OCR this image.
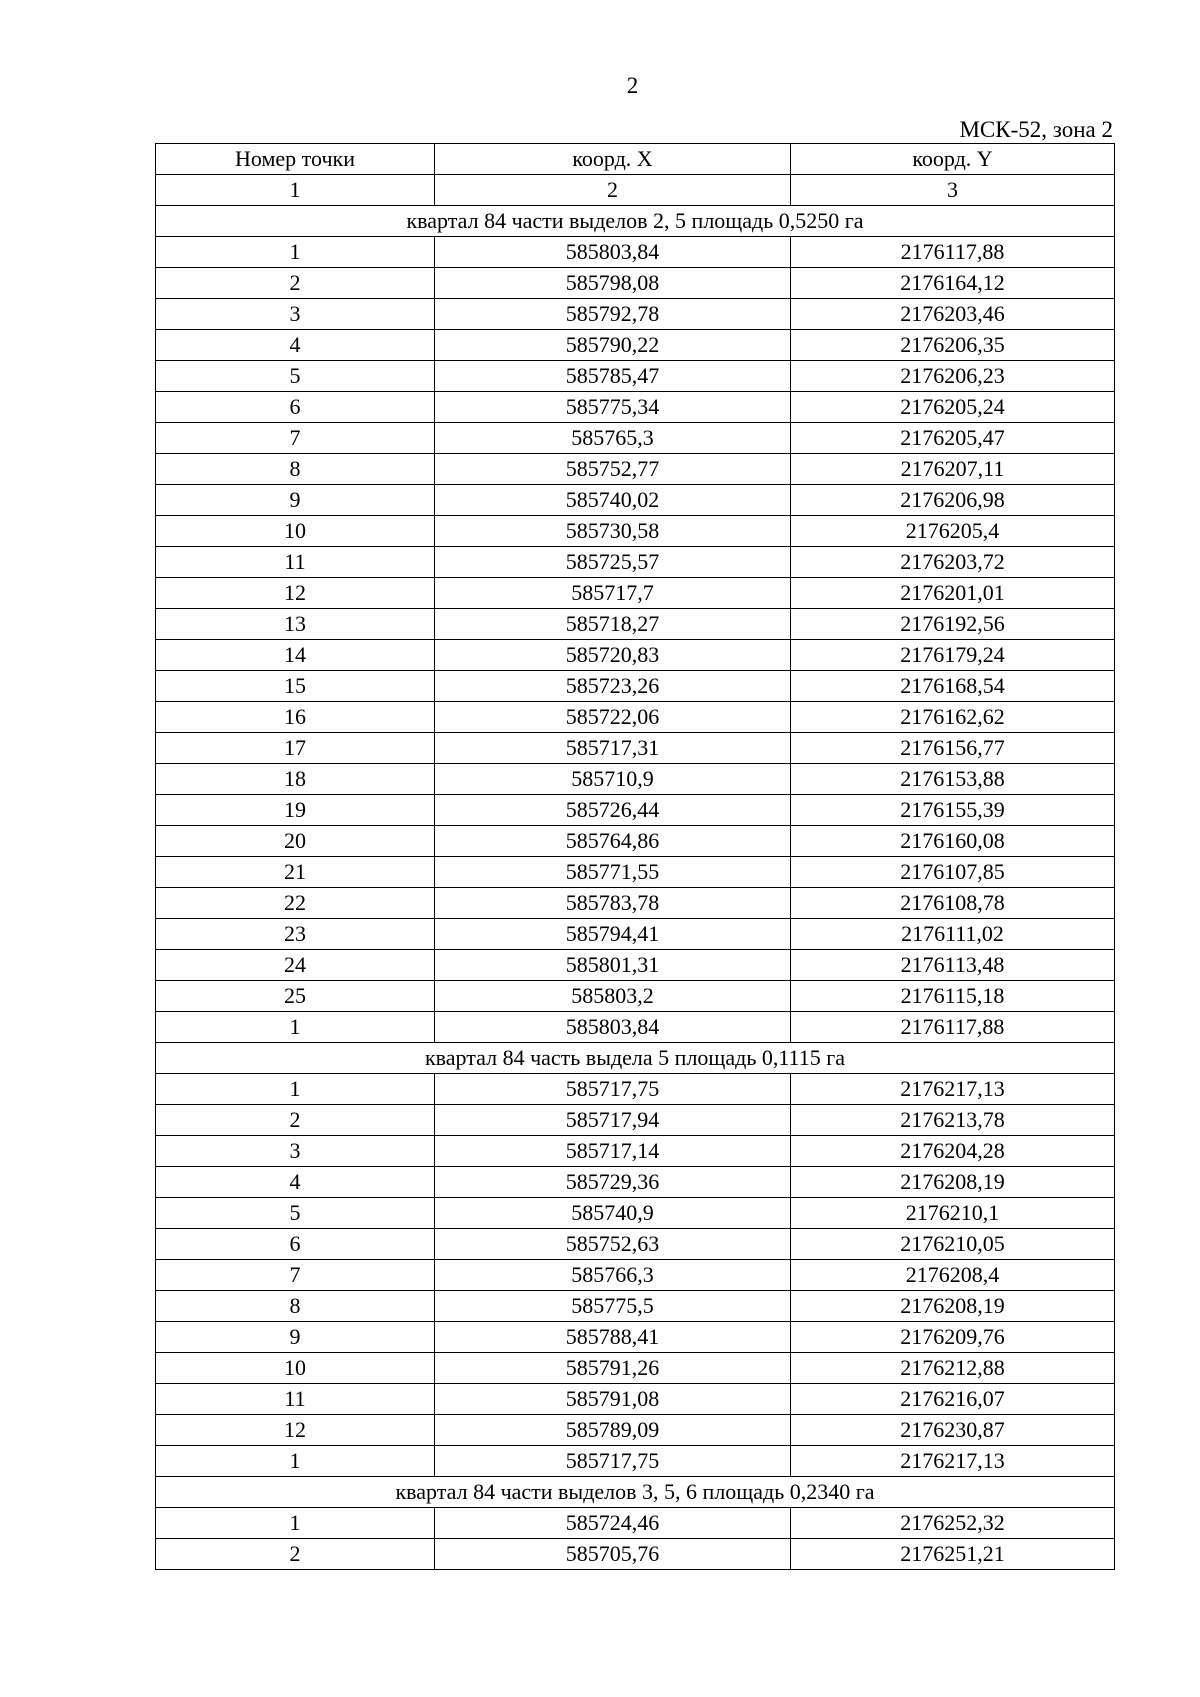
2
МСК-52, зона 2
Номер точки	коорд. X	коорд. Y
1	2	3
квартал 84 части выделов 2, 5 площадь 0,5250 га		
1	585803,84	2176117,88
2	585798,08	2176164,12
3	585792,78	2176203,46
4	585790,22	2176206,35
5	585785,47	2176206,23
6	585775,34	2176205,24
7	585765,3	2176205,47
8	585752,77	2176207,11
9	585740,02	2176206,98
10	585730,58	2176205,4
11	585725,57	2176203,72
12	585717,7	2176201,01
13	585718,27	2176192,56
14	585720,83	2176179,24
15	585723,26	2176168,54
16	585722,06	2176162,62
17	585717,31	2176156,77
18	585710,9	2176153,88
19	585726,44	2176155,39
20	585764,86	2176160,08
21	585771,55	2176107,85
22	585783,78	2176108,78
23	585794,41	2176111,02
24	585801,31	2176113,48
25	585803,2	2176115,18
1	585803,84	2176117,88
квартал 84 часть выдела 5 площадь 0,1115 га		
1	585717,75	2176217,13
2	585717,94	2176213,78
3	585717,14	2176204,28
4	585729,36	2176208,19
5	585740,9	2176210,1
6	585752,63	2176210,05
7	585766,3	2176208,4
8	585775,5	2176208,19
9	585788,41	2176209,76
10	585791,26	2176212,88
11	585791,08	2176216,07
12	585789,09	2176230,87
1	585717,75	2176217,13
квартал 84 части выделов 3, 5, 6 площадь 0,2340 га		
1	585724,46	2176252,32
2	585705,76	2176251,21
